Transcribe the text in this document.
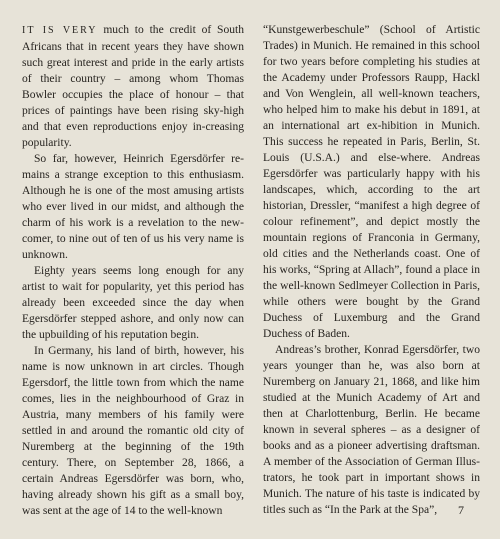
IT IS VERY much to the credit of South Africans that in recent years they have shown such great interest and pride in the early artists of their country – among whom Thomas Bowler occupies the place of honour – that prices of paintings have been rising sky-high and that even reproductions enjoy in-creasing popularity.

So far, however, Heinrich Egersdörfer re-mains a strange exception to this enthusiasm. Although he is one of the most amusing artists who ever lived in our midst, and although the charm of his work is a revelation to the new-comer, to nine out of ten of us his very name is unknown.

Eighty years seems long enough for any artist to wait for popularity, yet this period has already been exceeded since the day when Egersdörfer stepped ashore, and only now can the upbuilding of his reputation begin.

In Germany, his land of birth, however, his name is now unknown in art circles. Though Egersdorf, the little town from which the name comes, lies in the neighbourhood of Graz in Austria, many members of his family were settled in and around the romantic old city of Nuremberg at the beginning of the 19th century. There, on September 28, 1866, a certain Andreas Egersdörfer was born, who, having already shown his gift as a small boy, was sent at the age of 14 to the well-known

“Kunstgewerbeschule” (School of Artistic Trades) in Munich. He remained in this school for two years before completing his studies at the Academy under Professors Raupp, Hackl and Von Wenglein, all well-known teachers, who helped him to make his debut in 1891, at an international art ex-hibition in Munich. This success he repeated in Paris, Berlin, St. Louis (U.S.A.) and else-where. Andreas Egersdörfer was particularly happy with his landscapes, which, according to the art historian, Dressler, “manifest a high degree of colour refinement”, and depict mostly the mountain regions of Franconia in Germany, old cities and the Netherlands coast. One of his works, “Spring at Allach”, found a place in the well-known Sedlmeyer Collection in Paris, while others were bought by the Grand Duchess of Luxemburg and the Grand Duchess of Baden.

Andreas’s brother, Konrad Egersdörfer, two years younger than he, was also born at Nuremberg on January 21, 1868, and like him studied at the Munich Academy of Art and then at Charlottenburg, Berlin. He became known in several spheres – as a designer of books and as a pioneer advertising draftsman. A member of the Association of German Illus-trators, he took part in important shows in Munich. The nature of his taste is indicated by titles such as “In the Park at the Spa”,	7
